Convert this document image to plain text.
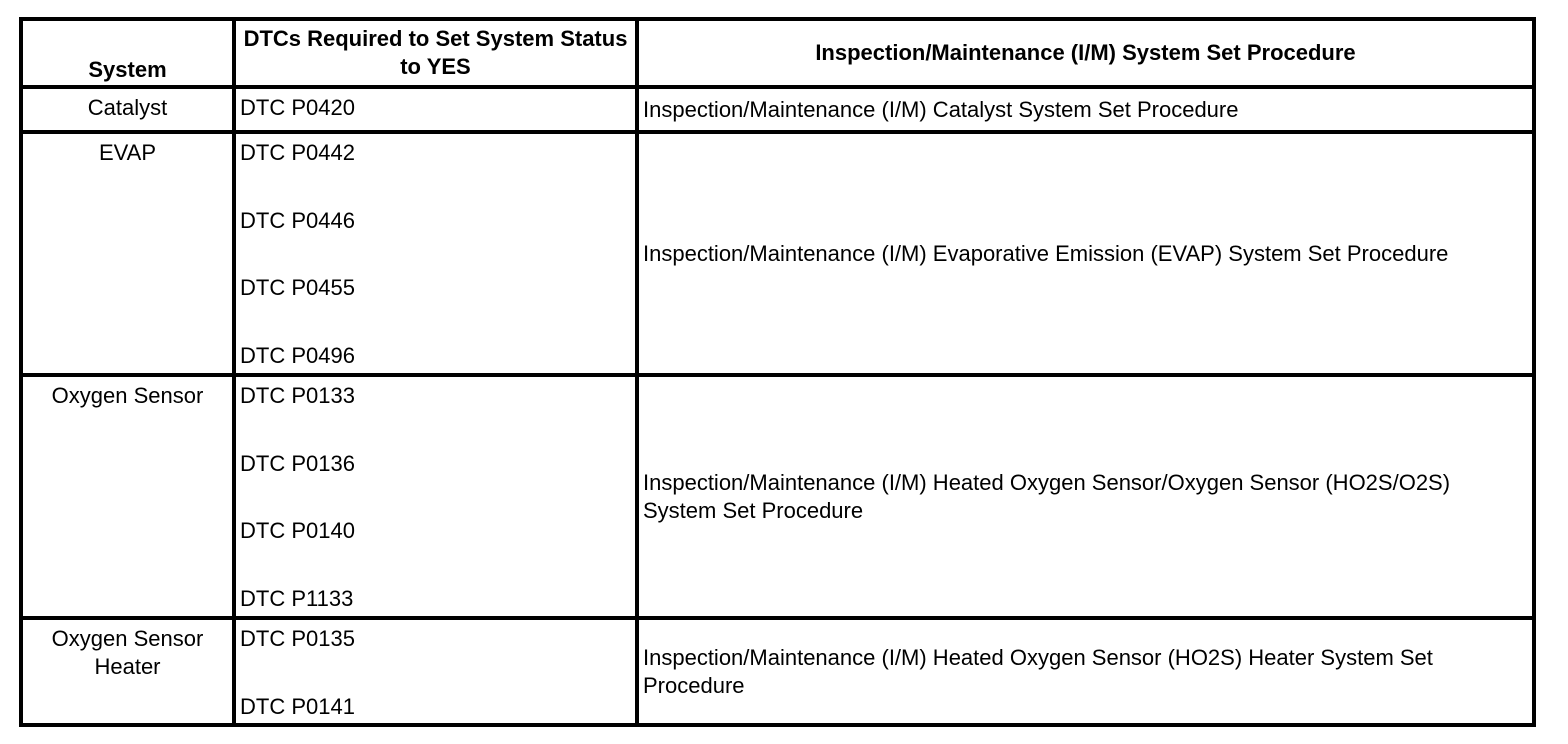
System	DTCs Required to Set System Status to YES	Inspection/Maintenance (I/M) System Set Procedure
Catalyst	DTC P0420	Inspection/Maintenance (I/M) Catalyst System Set Procedure
EVAP	DTC P0442
DTC P0446
DTC P0455
DTC P0496	Inspection/Maintenance (I/M) Evaporative Emission (EVAP) System Set Procedure
Oxygen Sensor	DTC P0133
DTC P0136
DTC P0140
DTC P1133	Inspection/Maintenance (I/M) Heated Oxygen Sensor/Oxygen Sensor (HO2S/O2S) System Set Procedure
Oxygen Sensor Heater	DTC P0135
DTC P0141	Inspection/Maintenance (I/M) Heated Oxygen Sensor (HO2S) Heater System Set Procedure
